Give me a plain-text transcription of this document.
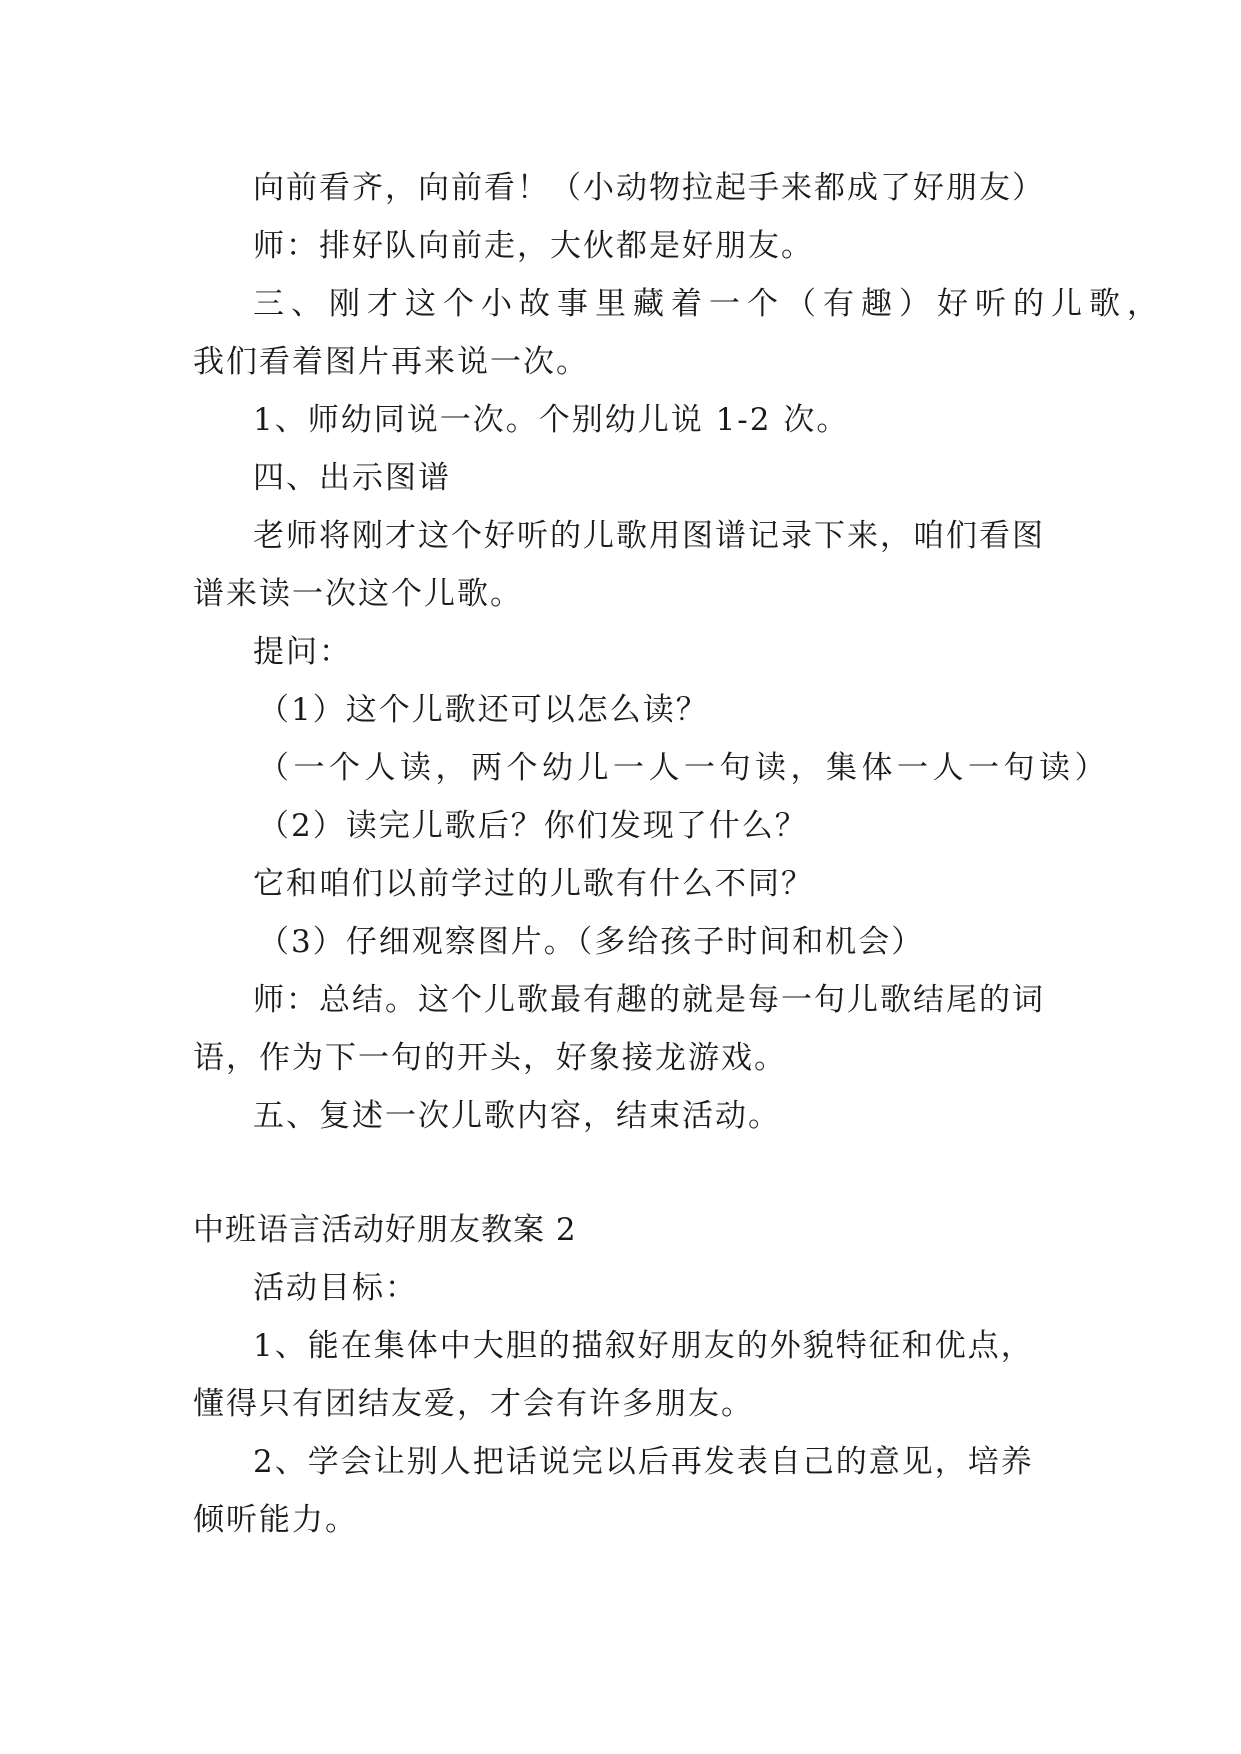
向前看齐，向前看！（小动物拉起手来都成了好朋友）
师：排好队向前走，大伙都是好朋友。
三、刚才这个小故事里藏着一个（有趣）好听的儿歌，
我们看着图片再来说一次。
1、师幼同说一次。个别幼儿说 1-2 次。
四、出示图谱
老师将刚才这个好听的儿歌用图谱记录下来，咱们看图
谱来读一次这个儿歌。
提问：
（1）这个儿歌还可以怎么读？
（一个人读，两个幼儿一人一句读，集体一人一句读）
（2）读完儿歌后？你们发现了什么？
它和咱们以前学过的儿歌有什么不同？
（3）仔细观察图片。（多给孩子时间和机会）
师：总结。这个儿歌最有趣的就是每一句儿歌结尾的词
语，作为下一句的开头，好象接龙游戏。
五、复述一次儿歌内容，结束活动。
中班语言活动好朋友教案 2
活动目标：
1、能在集体中大胆的描叙好朋友的外貌特征和优点，
懂得只有团结友爱，才会有许多朋友。
2、学会让别人把话说完以后再发表自己的意见，培养
倾听能力。
